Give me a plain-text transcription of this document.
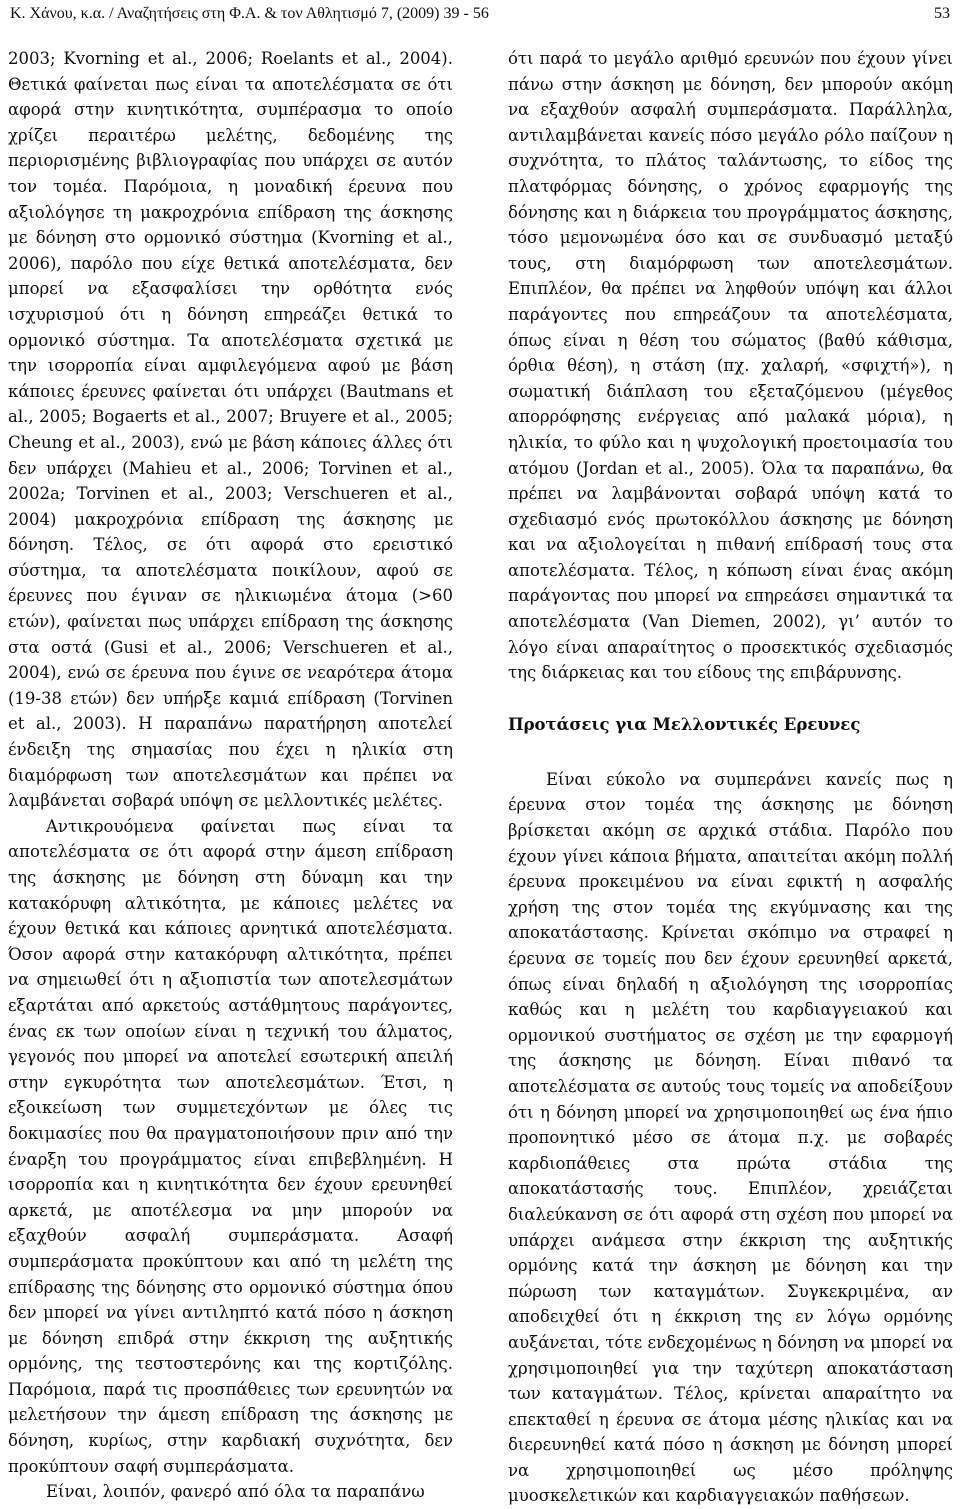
Κ. Χάνου, κ.α. / Αναζητήσεις στη Φ.Α. & τον Αθλητισμό 7, (2009) 39 - 56	53

2003; Kvorning et al., 2006; Roelants et al., 2004). Θετικά φαίνεται πως είναι τα αποτελέσματα σε ότι αφορά στην κινητικότητα, συμπέρασμα το οποίο χρίζει περαιτέρω μελέτης, δεδομένης της περιορισμένης βιβλιογραφίας που υπάρχει σε αυτόν τον τομέα. Παρόμοια, η μοναδική έρευνα που αξιολόγησε τη μακροχρόνια επίδραση της άσκησης με δόνηση στο ορμονικό σύστημα (Kvorning et al., 2006), παρόλο που είχε θετικά αποτελέσματα, δεν μπορεί να εξασφαλίσει την ορθότητα ενός ισχυρισμού ότι η δόνηση επηρεάζει θετικά το ορμονικό σύστημα. Τα αποτελέσματα σχετικά με την ισορροπία είναι αμφιλεγόμενα αφού με βάση κάποιες έρευνες φαίνεται ότι υπάρχει (Bautmans et al., 2005; Bogaerts et al., 2007; Bruyere et al., 2005; Cheung et al., 2003), ενώ με βάση κάποιες άλλες ότι δεν υπάρχει (Mahieu et al., 2006; Torvinen et al., 2002a; Torvinen et al., 2003; Verschueren et al., 2004) μακροχρόνια επίδραση της άσκησης με δόνηση. Τέλος, σε ότι αφορά στο ερειστικό σύστημα, τα αποτελέσματα ποικίλουν, αφού σε έρευνες που έγιναν σε ηλικιωμένα άτομα (>60 ετών), φαίνεται πως υπάρχει επίδραση της άσκησης στα οστά (Gusi et al., 2006; Verschueren et al., 2004), ενώ σε έρευνα που έγινε σε νεαρότερα άτομα (19-38 ετών) δεν υπήρξε καμιά επίδραση (Torvinen et al., 2003). Η παραπάνω παρατήρηση αποτελεί ένδειξη της σημασίας που έχει η ηλικία στη διαμόρφωση των αποτελεσμάτων και πρέπει να λαμβάνεται σοβαρά υπόψη σε μελλοντικές μελέτες.

Αντικρουόμενα φαίνεται πως είναι τα αποτελέσματα σε ότι αφορά στην άμεση επίδραση της άσκησης με δόνηση στη δύναμη και την κατακόρυφη αλτικότητα, με κάποιες μελέτες να έχουν θετικά και κάποιες αρνητικά αποτελέσματα. Όσον αφορά στην κατακόρυφη αλτικότητα, πρέπει να σημειωθεί ότι η αξιοπιστία των αποτελεσμάτων εξαρτάται από αρκετούς αστάθμητους παράγοντες, ένας εκ των οποίων είναι η τεχνική του άλματος, γεγονός που μπορεί να αποτελεί εσωτερική απειλή στην εγκυρότητα των αποτελεσμάτων. Έτσι, η εξοικείωση των συμμετεχόντων με όλες τις δοκιμασίες που θα πραγματοποιήσουν πριν από την έναρξη του προγράμματος είναι επιβεβλημένη. Η ισορροπία και η κινητικότητα δεν έχουν ερευνηθεί αρκετά, με αποτέλεσμα να μην μπορούν να εξαχθούν ασφαλή συμπεράσματα. Ασαφή συμπεράσματα προκύπτουν και από τη μελέτη της επίδρασης της δόνησης στο ορμονικό σύστημα όπου δεν μπορεί να γίνει αντιληπτό κατά πόσο η άσκηση με δόνηση επιδρά στην έκκριση της αυξητικής ορμόνης, της τεστοστερόνης και της κορτιζόλης. Παρόμοια, παρά τις προσπάθειες των ερευνητών να μελετήσουν την άμεση επίδραση της άσκησης με δόνηση, κυρίως, στην καρδιακή συχνότητα, δεν προκύπτουν σαφή συμπεράσματα.

Είναι, λοιπόν, φανερό από όλα τα παραπάνω

ότι παρά το μεγάλο αριθμό ερευνών που έχουν γίνει πάνω στην άσκηση με δόνηση, δεν μπορούν ακόμη να εξαχθούν ασφαλή συμπεράσματα. Παράλληλα, αντιλαμβάνεται κανείς πόσο μεγάλο ρόλο παίζουν η συχνότητα, το πλάτος ταλάντωσης, το είδος της πλατφόρμας δόνησης, ο χρόνος εφαρμογής της δόνησης και η διάρκεια του προγράμματος άσκησης, τόσο μεμονωμένα όσο και σε συνδυασμό μεταξύ τους, στη διαμόρφωση των αποτελεσμάτων. Επιπλέον, θα πρέπει να ληφθούν υπόψη και άλλοι παράγοντες που επηρεάζουν τα αποτελέσματα, όπως είναι η θέση του σώματος (βαθύ κάθισμα, όρθια θέση), η στάση (πχ. χαλαρή, «σφιχτή»), η σωματική διάπλαση του εξεταζόμενου (μέγεθος απορρόφησης ενέργειας από μαλακά μόρια), η ηλικία, το φύλο και η ψυχολογική προετοιμασία του ατόμου (Jordan et al., 2005). Όλα τα παραπάνω, θα πρέπει να λαμβάνονται σοβαρά υπόψη κατά το σχεδιασμό ενός πρωτοκόλλου άσκησης με δόνηση και να αξιολογείται η πιθανή επίδρασή τους στα αποτελέσματα. Τέλος, η κόπωση είναι ένας ακόμη παράγοντας που μπορεί να επηρεάσει σημαντικά τα αποτελέσματα (Van Diemen, 2002), γι’ αυτόν το λόγο είναι απαραίτητος ο προσεκτικός σχεδιασμός της διάρκειας και του είδους της επιβάρυνσης.

Προτάσεις για Μελλοντικές Ερευνες

Είναι εύκολο να συμπεράνει κανείς πως η έρευνα στον τομέα της άσκησης με δόνηση βρίσκεται ακόμη σε αρχικά στάδια. Παρόλο που έχουν γίνει κάποια βήματα, απαιτείται ακόμη πολλή έρευνα προκειμένου να είναι εφικτή η ασφαλής χρήση της στον τομέα της εκγύμνασης και της αποκατάστασης. Κρίνεται σκόπιμο να στραφεί η έρευνα σε τομείς που δεν έχουν ερευνηθεί αρκετά, όπως είναι δηλαδή η αξιολόγηση της ισορροπίας καθώς και η μελέτη του καρδιαγγειακού και ορμονικού συστήματος σε σχέση με την εφαρμογή της άσκησης με δόνηση. Είναι πιθανό τα αποτελέσματα σε αυτούς τους τομείς να αποδείξουν ότι η δόνηση μπορεί να χρησιμοποιηθεί ως ένα ήπιο προπονητικό μέσο σε άτομα π.χ. με σοβαρές καρδιοπάθειες στα πρώτα στάδια της αποκατάστασής τους. Επιπλέον, χρειάζεται διαλεύκανση σε ότι αφορά στη σχέση που μπορεί να υπάρχει ανάμεσα στην έκκριση της αυξητικής ορμόνης κατά την άσκηση με δόνηση και την πώρωση των καταγμάτων. Συγκεκριμένα, αν αποδειχθεί ότι η έκκριση της εν λόγω ορμόνης αυξάνεται, τότε ενδεχομένως η δόνηση να μπορεί να χρησιμοποιηθεί για την ταχύτερη αποκατάσταση των καταγμάτων. Τέλος, κρίνεται απαραίτητο να επεκταθεί η έρευνα σε άτομα μέσης ηλικίας και να διερευνηθεί κατά πόσο η άσκηση με δόνηση μπορεί να χρησιμοποιηθεί ως μέσο πρόληψης μυοσκελετικών και καρδιαγγειακών παθήσεων.
